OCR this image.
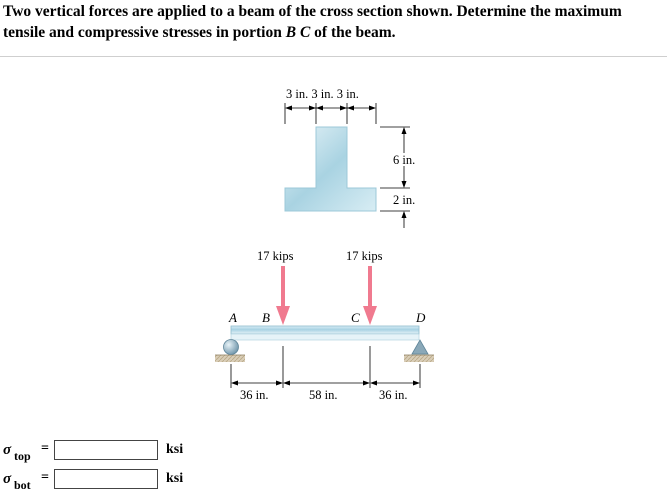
Two vertical forces are applied to a beam of the cross section shown. Determine the maximum
tensile and compressive stresses in portion B C of the beam.
3 in. 3 in. 3 in.
6 in.
2 in.
17 kips	17 kips
A B	C	D
36 in.	58 in.	36 in.
σ top =	ksi
σ bot =	ksi
